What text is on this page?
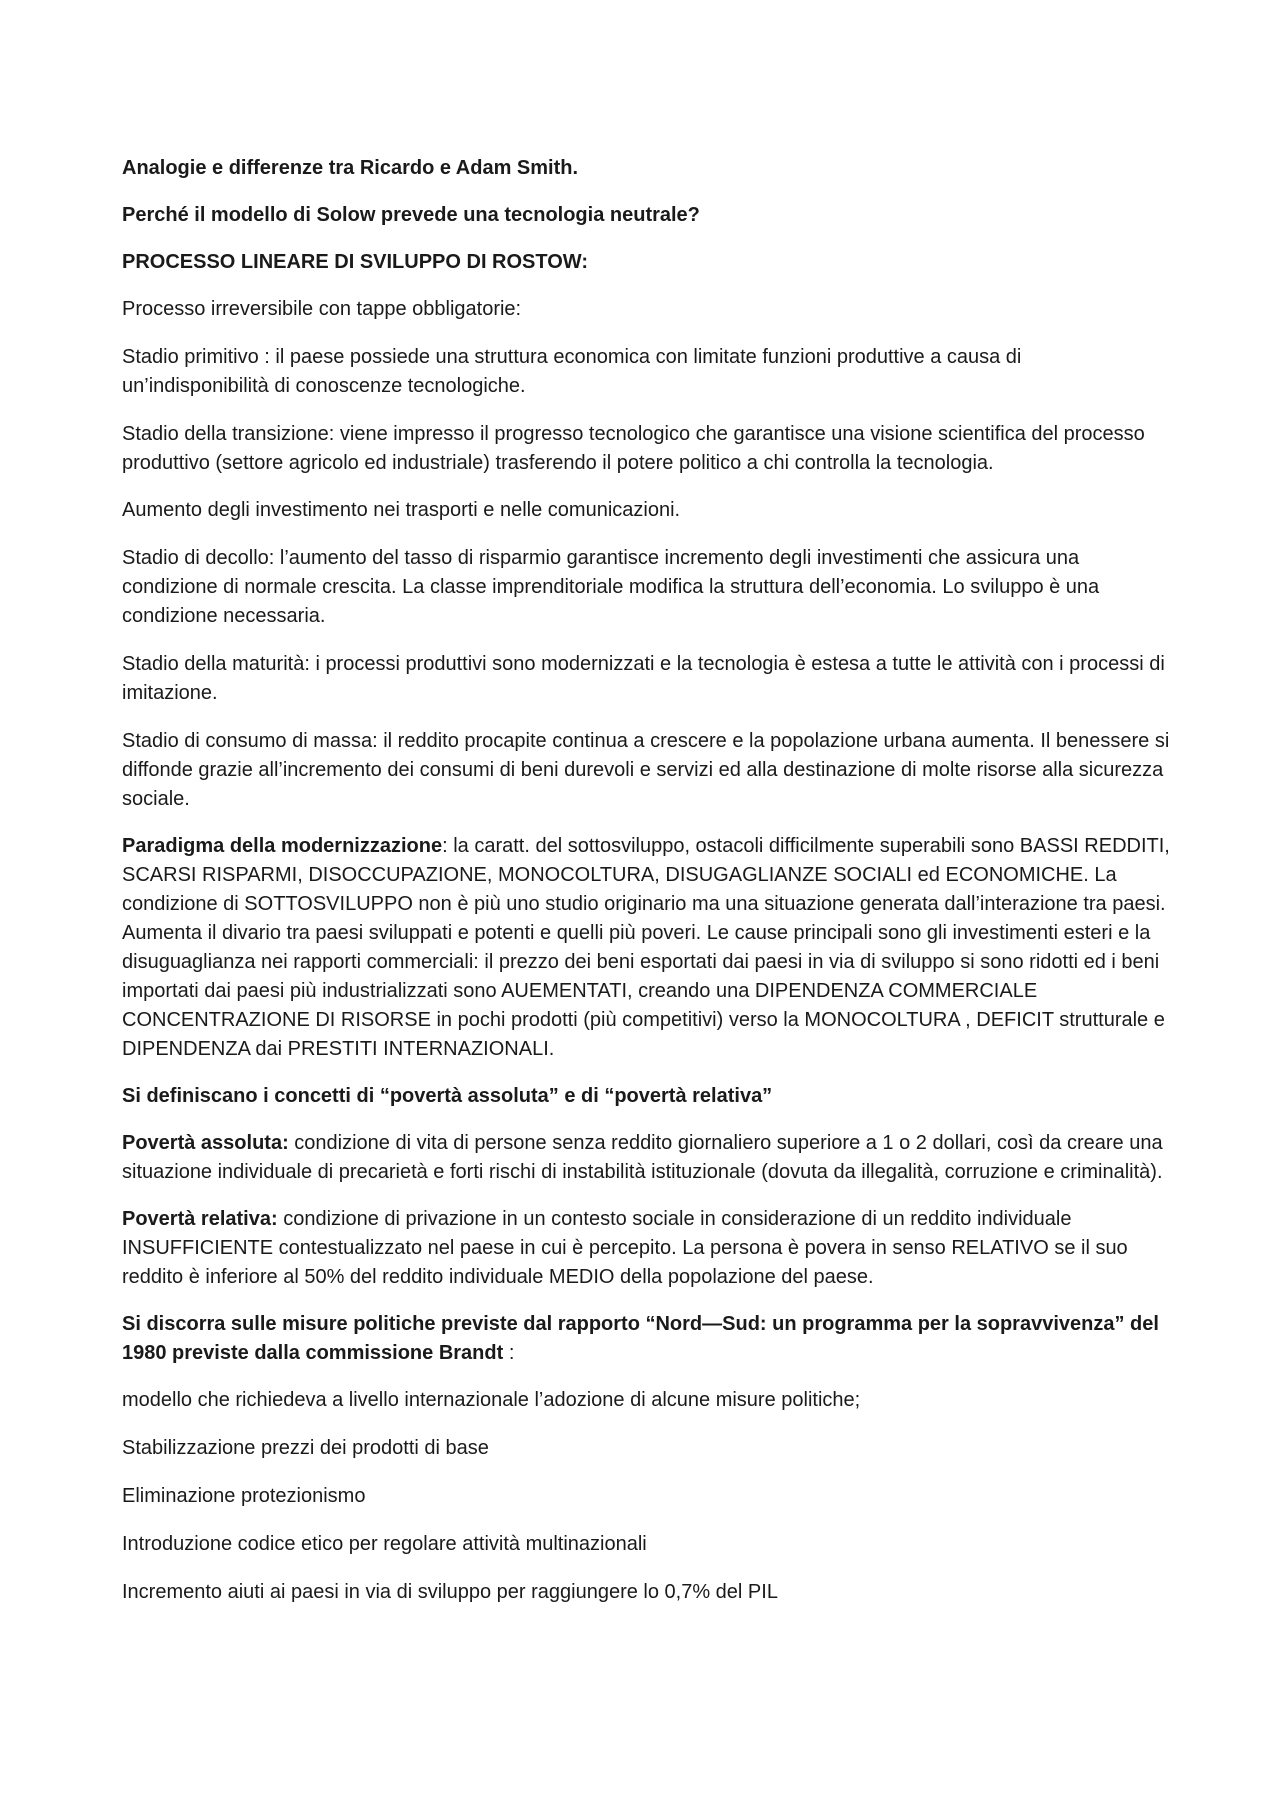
Analogie e differenze tra Ricardo e Adam Smith.

Perché il modello di Solow prevede una tecnologia neutrale?

PROCESSO LINEARE DI SVILUPPO DI ROSTOW:

Processo irreversibile con tappe obbligatorie:

Stadio primitivo : il paese possiede una struttura economica con limitate funzioni produttive a causa di un’indisponibilità di conoscenze tecnologiche.

Stadio della transizione: viene impresso il progresso tecnologico che garantisce una visione scientifica del processo produttivo (settore agricolo ed industriale) trasferendo il potere politico a chi controlla la tecnologia.

Aumento degli investimento nei trasporti e nelle comunicazioni.

Stadio di decollo: l’aumento del tasso di risparmio garantisce incremento degli investimenti che assicura una condizione di normale crescita. La classe imprenditoriale modifica la struttura dell’economia. Lo sviluppo è una condizione necessaria.

Stadio della maturità: i processi produttivi sono modernizzati e la tecnologia è estesa a tutte le attività con i processi di imitazione.

Stadio di consumo di massa: il reddito procapite continua a crescere e la popolazione urbana aumenta. Il benessere si diffonde grazie all’incremento dei consumi di beni durevoli e servizi ed alla destinazione di molte risorse alla sicurezza sociale.

Paradigma della modernizzazione: la caratt. del sottosviluppo, ostacoli difficilmente superabili sono BASSI REDDITI, SCARSI RISPARMI, DISOCCUPAZIONE, MONOCOLTURA, DISUGAGLIANZE SOCIALI ed ECONOMICHE. La condizione di SOTTOSVILUPPO non è più uno studio originario ma una situazione generata dall’interazione tra paesi. Aumenta il divario tra paesi sviluppati e potenti e quelli più poveri. Le cause principali sono gli investimenti esteri e la disuguaglianza nei rapporti commerciali: il prezzo dei beni esportati dai paesi in via di sviluppo si sono ridotti ed i beni importati dai paesi più industrializzati sono AUEMENTATI, creando una DIPENDENZA COMMERCIALE CONCENTRAZIONE DI RISORSE in pochi prodotti (più competitivi) verso la MONOCOLTURA , DEFICIT strutturale e DIPENDENZA dai PRESTITI INTERNAZIONALI.

Si definiscano i concetti di “povertà assoluta” e di “povertà relativa”

Povertà assoluta: condizione di vita di persone senza reddito giornaliero superiore a 1 o 2 dollari, così da creare una situazione individuale di precarietà e forti rischi di instabilità istituzionale (dovuta da illegalità, corruzione e criminalità).

Povertà relativa: condizione di privazione in un contesto sociale in considerazione di un reddito individuale INSUFFICIENTE contestualizzato nel paese in cui è percepito. La persona è povera in senso RELATIVO se il suo reddito è inferiore al 50% del reddito individuale MEDIO della popolazione del paese.

Si discorra sulle misure politiche previste dal rapporto “Nord—Sud: un programma per la sopravvivenza” del 1980 previste dalla commissione Brandt :

modello che richiedeva a livello internazionale l’adozione di alcune misure politiche;

Stabilizzazione prezzi dei prodotti di base

Eliminazione protezionismo

Introduzione codice etico per regolare attività multinazionali

Incremento aiuti ai paesi in via di sviluppo per raggiungere lo 0,7% del PIL
